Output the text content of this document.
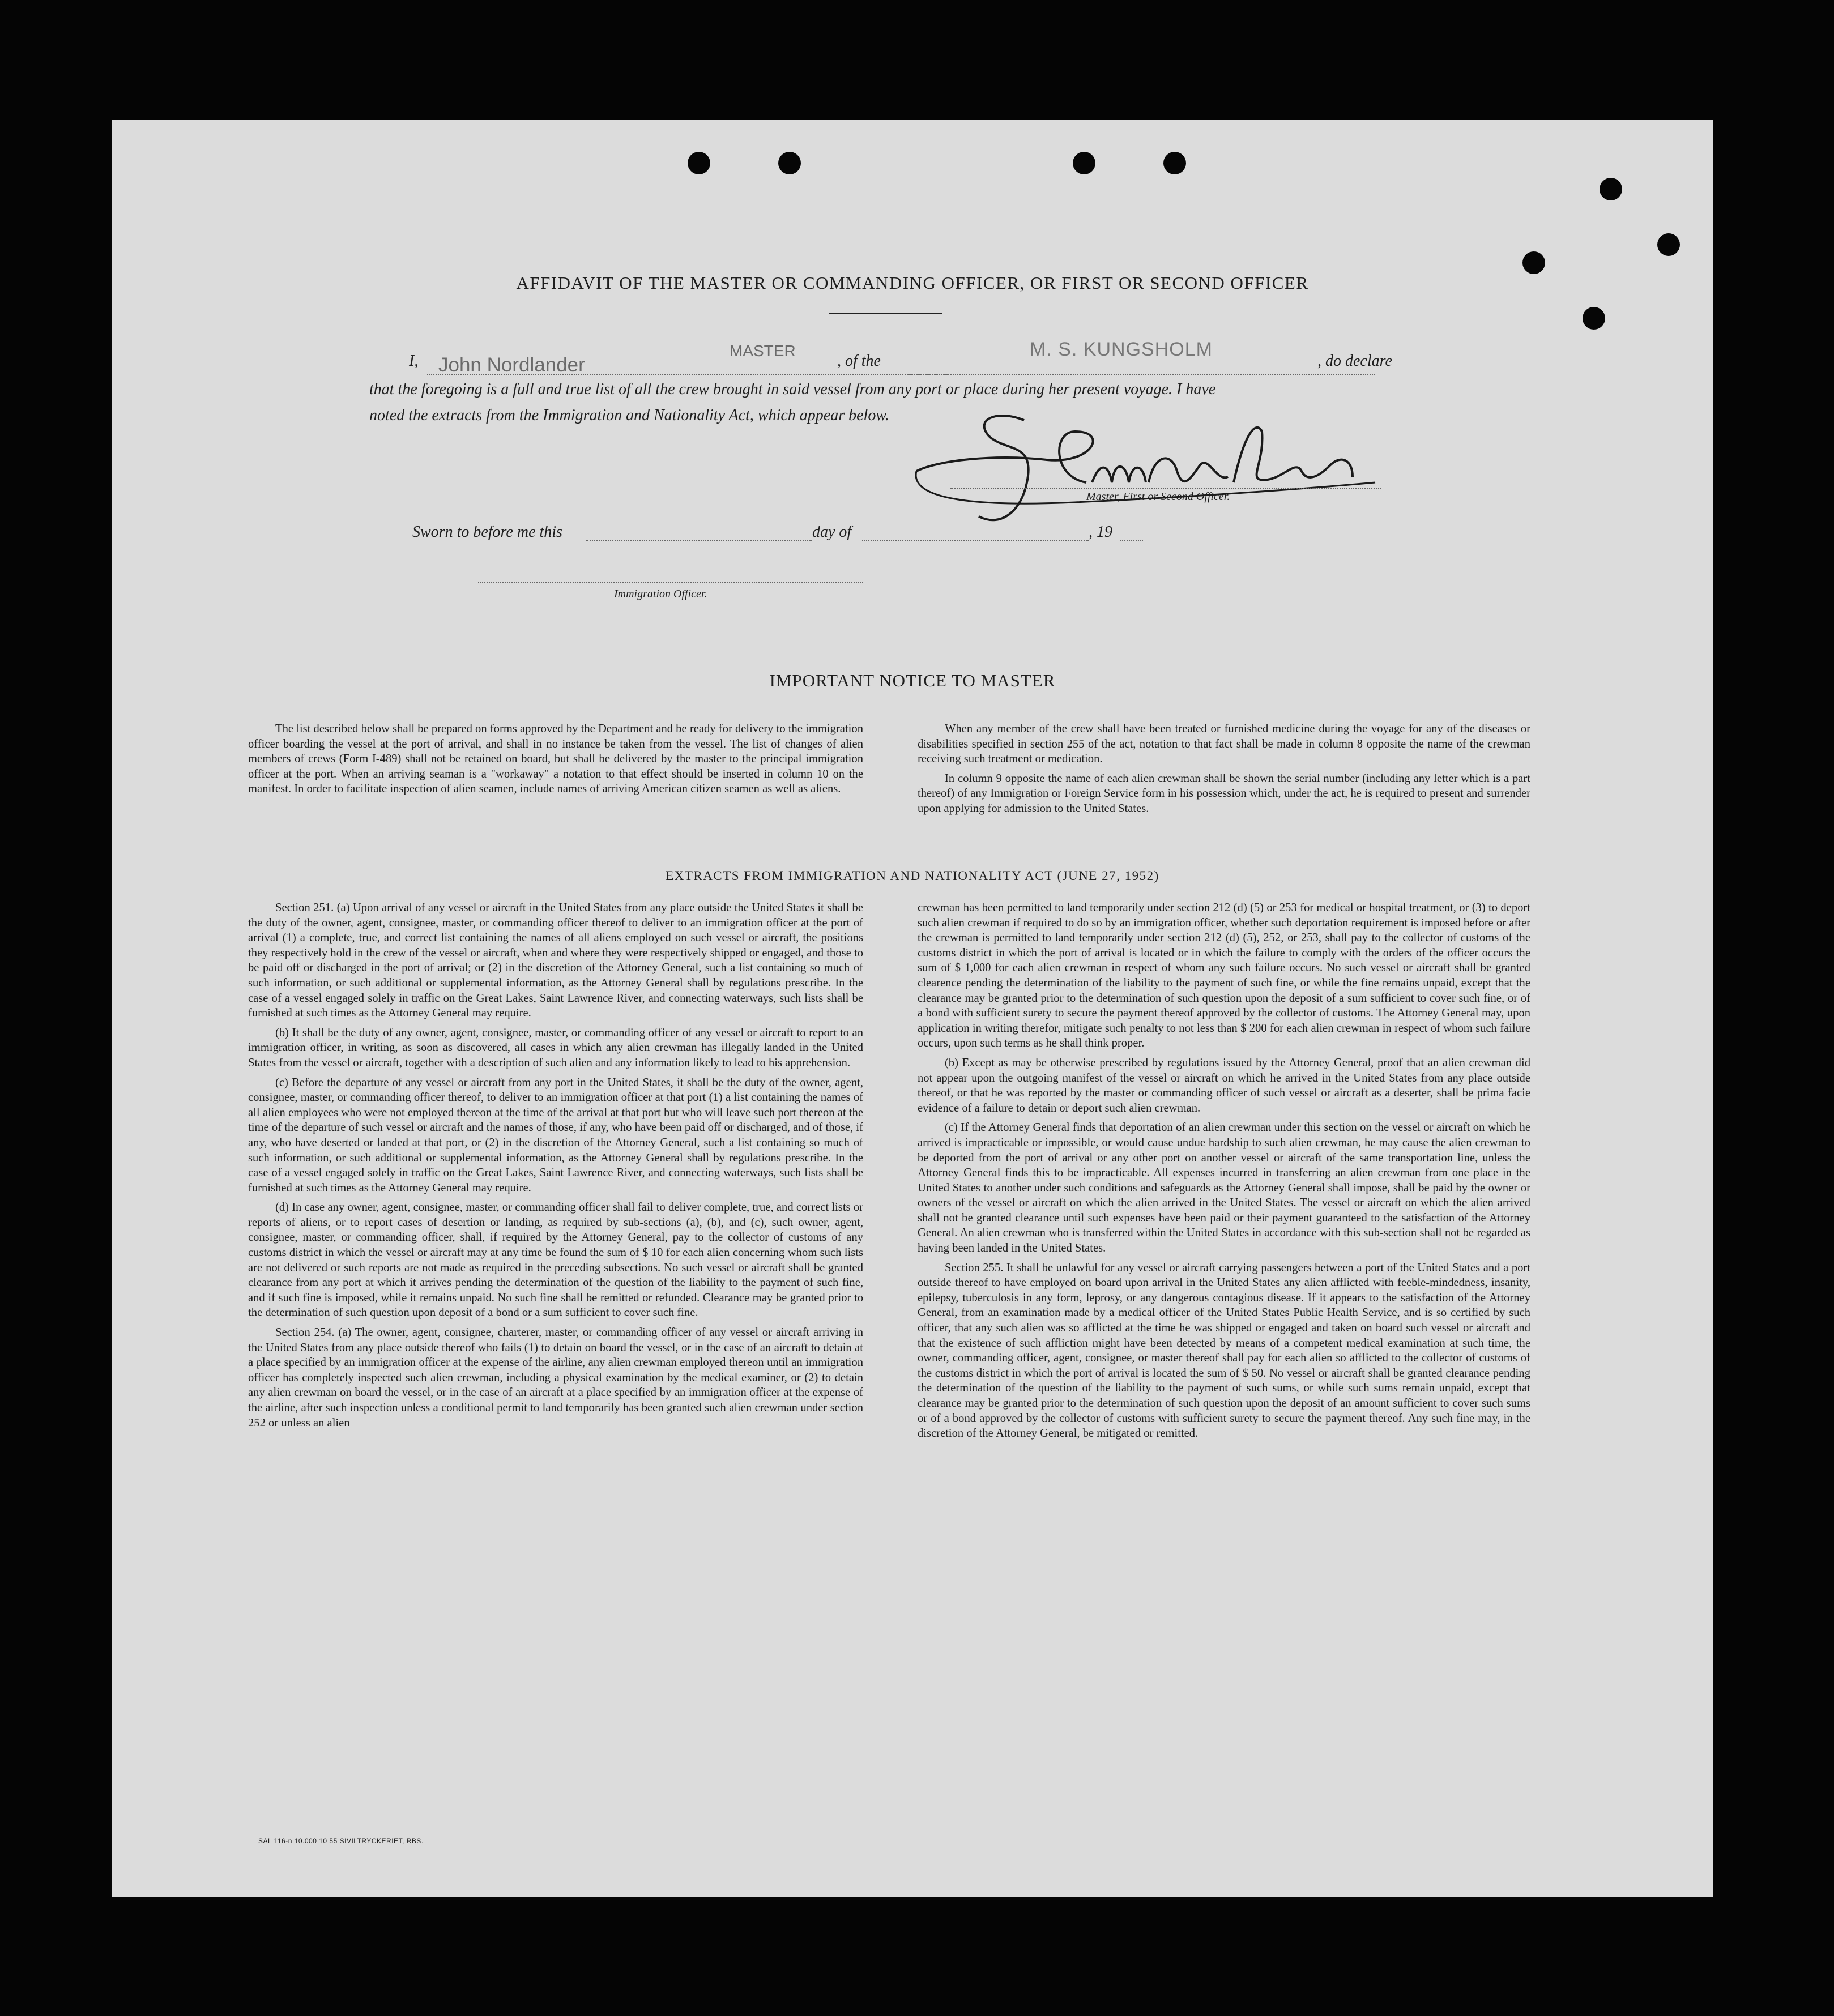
AFFIDAVIT OF THE MASTER OR COMMANDING OFFICER, OR FIRST OR SECOND OFFICER
I, John Nordlander
MASTER
, of the
M. S. KUNGSHOLM
, do declare
that the foregoing is a full and true list of all the crew brought in said vessel from any port or place during her present voyage. I have
noted the extracts from the Immigration and Nationality Act, which appear below.
Master, First or Second Officer.
Sworn to before me this	day of	, 19
Immigration Officer.
IMPORTANT NOTICE TO MASTER

The list described below shall be prepared on forms approved by the Department and be ready for delivery to the immigration officer boarding the vessel at the port of arrival, and shall in no instance be taken from the vessel. The list of changes of alien members of crews (Form I-489) shall not be retained on board, but shall be delivered by the master to the principal immigration officer at the port. When an arriving seaman is a "workaway" a notation to that effect should be inserted in column 10 on the manifest. In order to facilitate inspection of alien seamen, include names of arriving American citizen seamen as well as aliens.

When any member of the crew shall have been treated or furnished medicine during the voyage for any of the diseases or disabilities specified in section 255 of the act, notation to that fact shall be made in column 8 opposite the name of the crewman receiving such treatment or medication.

In column 9 opposite the name of each alien crewman shall be shown the serial number (including any letter which is a part thereof) of any Immigration or Foreign Service form in his possession which, under the act, he is required to present and surrender upon applying for admission to the United States.

EXTRACTS FROM IMMIGRATION AND NATIONALITY ACT (JUNE 27, 1952)

Section 251. (a) Upon arrival of any vessel or aircraft in the United States from any place outside the United States it shall be the duty of the owner, agent, consignee, master, or commanding officer thereof to deliver to an immigration officer at the port of arrival (1) a complete, true, and correct list containing the names of all aliens employed on such vessel or aircraft, the positions they respectively hold in the crew of the vessel or aircraft, when and where they were respectively shipped or engaged, and those to be paid off or discharged in the port of arrival; or (2) in the discretion of the Attorney General, such a list containing so much of such information, or such additional or supplemental information, as the Attorney General shall by regulations prescribe. In the case of a vessel engaged solely in traffic on the Great Lakes, Saint Lawrence River, and connecting waterways, such lists shall be furnished at such times as the Attorney General may require.

(b) It shall be the duty of any owner, agent, consignee, master, or commanding officer of any vessel or aircraft to report to an immigration officer, in writing, as soon as discovered, all cases in which any alien crewman has illegally landed in the United States from the vessel or aircraft, together with a description of such alien and any information likely to lead to his apprehension.

(c) Before the departure of any vessel or aircraft from any port in the United States, it shall be the duty of the owner, agent, consignee, master, or commanding officer thereof, to deliver to an immigration officer at that port (1) a list containing the names of all alien employees who were not employed thereon at the time of the arrival at that port but who will leave such port thereon at the time of the departure of such vessel or aircraft and the names of those, if any, who have been paid off or discharged, and of those, if any, who have deserted or landed at that port, or (2) in the discretion of the Attorney General, such a list containing so much of such information, or such additional or supplemental information, as the Attorney General shall by regulations prescribe. In the case of a vessel engaged solely in traffic on the Great Lakes, Saint Lawrence River, and connecting waterways, such lists shall be furnished at such times as the Attorney General may require.

(d) In case any owner, agent, consignee, master, or commanding officer shall fail to deliver complete, true, and correct lists or reports of aliens, or to report cases of desertion or landing, as required by sub-sections (a), (b), and (c), such owner, agent, consignee, master, or commanding officer, shall, if required by the Attorney General, pay to the collector of customs of any customs district in which the vessel or aircraft may at any time be found the sum of $ 10 for each alien concerning whom such lists are not delivered or such reports are not made as required in the preceding subsections. No such vessel or aircraft shall be granted clearance from any port at which it arrives pending the determination of the question of the liability to the payment of such fine, and if such fine is imposed, while it remains unpaid. No such fine shall be remitted or refunded. Clearance may be granted prior to the determination of such question upon deposit of a bond or a sum sufficient to cover such fine.

Section 254. (a) The owner, agent, consignee, charterer, master, or commanding officer of any vessel or aircraft arriving in the United States from any place outside thereof who fails (1) to detain on board the vessel, or in the case of an aircraft to detain at a place specified by an immigration officer at the expense of the airline, any alien crewman employed thereon until an immigration officer has completely inspected such alien crewman, including a physical examination by the medical examiner, or (2) to detain any alien crewman on board the vessel, or in the case of an aircraft at a place specified by an immigration officer at the expense of the airline, after such inspection unless a conditional permit to land temporarily has been granted such alien crewman under section 252 or unless an alien

crewman has been permitted to land temporarily under section 212 (d) (5) or 253 for medical or hospital treatment, or (3) to deport such alien crewman if required to do so by an immigration officer, whether such deportation requirement is imposed before or after the crewman is permitted to land temporarily under section 212 (d) (5), 252, or 253, shall pay to the collector of customs of the customs district in which the port of arrival is located or in which the failure to comply with the orders of the officer occurs the sum of $ 1,000 for each alien crewman in respect of whom any such failure occurs. No such vessel or aircraft shall be granted clearence pending the determination of the liability to the payment of such fine, or while the fine remains unpaid, except that the clearance may be granted prior to the determination of such question upon the deposit of a sum sufficient to cover such fine, or of a bond with sufficient surety to secure the payment thereof approved by the collector of customs. The Attorney General may, upon application in writing therefor, mitigate such penalty to not less than $ 200 for each alien crewman in respect of whom such failure occurs, upon such terms as he shall think proper.

(b) Except as may be otherwise prescribed by regulations issued by the Attorney General, proof that an alien crewman did not appear upon the outgoing manifest of the vessel or aircraft on which he arrived in the United States from any place outside thereof, or that he was reported by the master or commanding officer of such vessel or aircraft as a deserter, shall be prima facie evidence of a failure to detain or deport such alien crewman.

(c) If the Attorney General finds that deportation of an alien crewman under this section on the vessel or aircraft on which he arrived is impracticable or impossible, or would cause undue hardship to such alien crewman, he may cause the alien crewman to be deported from the port of arrival or any other port on another vessel or aircraft of the same transportation line, unless the Attorney General finds this to be impracticable. All expenses incurred in transferring an alien crewman from one place in the United States to another under such conditions and safeguards as the Attorney General shall impose, shall be paid by the owner or owners of the vessel or aircraft on which the alien arrived in the United States. The vessel or aircraft on which the alien arrived shall not be granted clearance until such expenses have been paid or their payment guaranteed to the satisfaction of the Attorney General. An alien crewman who is transferred within the United States in accordance with this sub-section shall not be regarded as having been landed in the United States.

Section 255. It shall be unlawful for any vessel or aircraft carrying passengers between a port of the United States and a port outside thereof to have employed on board upon arrival in the United States any alien afflicted with feeble-mindedness, insanity, epilepsy, tuberculosis in any form, leprosy, or any dangerous contagious disease. If it appears to the satisfaction of the Attorney General, from an examination made by a medical officer of the United States Public Health Service, and is so certified by such officer, that any such alien was so afflicted at the time he was shipped or engaged and taken on board such vessel or aircraft and that the existence of such affliction might have been detected by means of a competent medical examination at such time, the owner, commanding officer, agent, consignee, or master thereof shall pay for each alien so afflicted to the collector of customs of the customs district in which the port of arrival is located the sum of $ 50. No vessel or aircraft shall be granted clearance pending the determination of the question of the liability to the payment of such sums, or while such sums remain unpaid, except that clearance may be granted prior to the determination of such question upon the deposit of an amount sufficient to cover such sums or of a bond approved by the collector of customs with sufficient surety to secure the payment thereof. Any such fine may, in the discretion of the Attorney General, be mitigated or remitted.

SAL 116-n 10.000 10 55 SIVILTRYCKERIET, RBS.
